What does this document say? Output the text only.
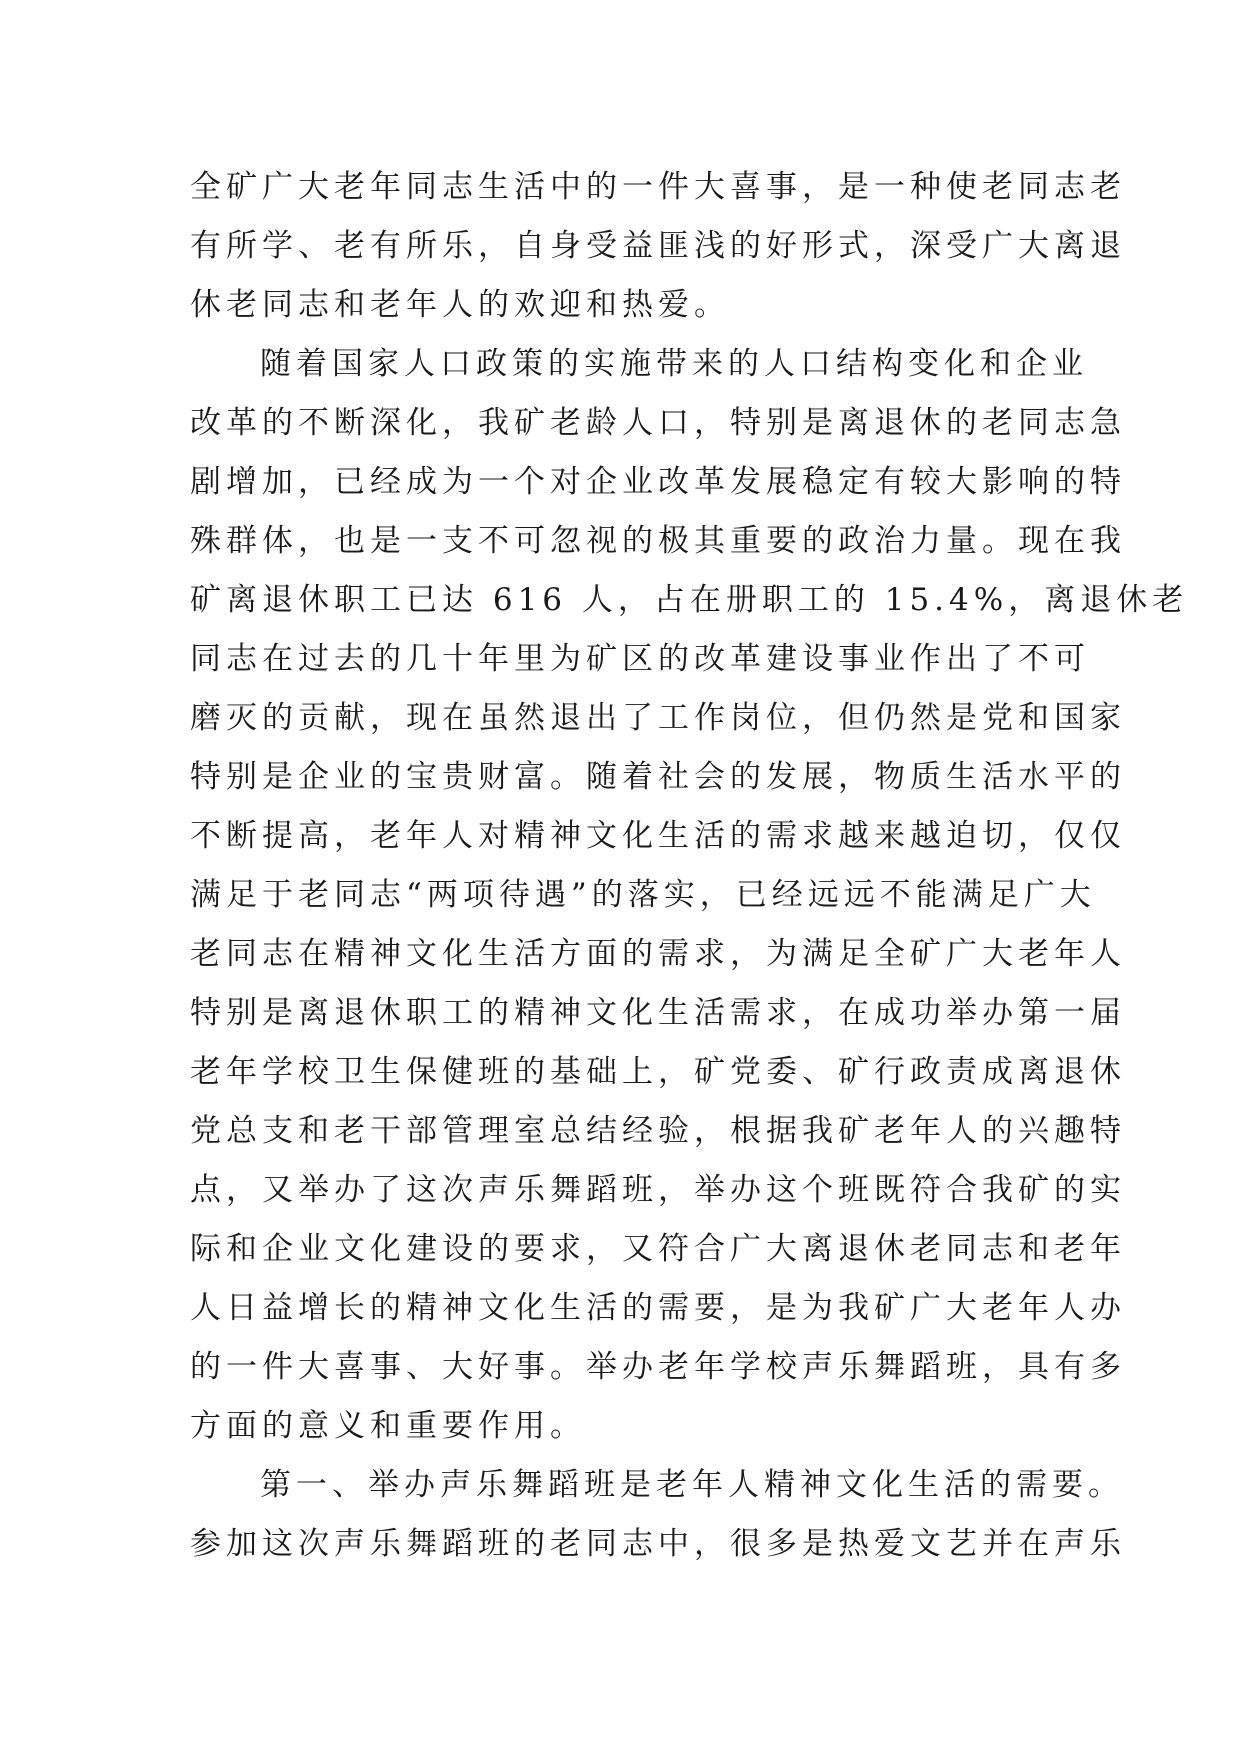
全矿广大老年同志生活中的一件大喜事，是一种使老同志老
有所学、老有所乐，自身受益匪浅的好形式，深受广大离退
休老同志和老年人的欢迎和热爱。
随着国家人口政策的实施带来的人口结构变化和企业
改革的不断深化，我矿老龄人口，特别是离退休的老同志急
剧增加，已经成为一个对企业改革发展稳定有较大影响的特
殊群体，也是一支不可忽视的极其重要的政治力量。现在我
矿离退休职工已达 616 人，占在册职工的 15.4%，离退休老
同志在过去的几十年里为矿区的改革建设事业作出了不可
磨灭的贡献，现在虽然退出了工作岗位，但仍然是党和国家
特别是企业的宝贵财富。随着社会的发展，物质生活水平的
不断提高，老年人对精神文化生活的需求越来越迫切，仅仅
满足于老同志“两项待遇”的落实，已经远远不能满足广大
老同志在精神文化生活方面的需求，为满足全矿广大老年人
特别是离退休职工的精神文化生活需求，在成功举办第一届
老年学校卫生保健班的基础上，矿党委、矿行政责成离退休
党总支和老干部管理室总结经验，根据我矿老年人的兴趣特
点，又举办了这次声乐舞蹈班，举办这个班既符合我矿的实
际和企业文化建设的要求，又符合广大离退休老同志和老年
人日益增长的精神文化生活的需要，是为我矿广大老年人办
的一件大喜事、大好事。举办老年学校声乐舞蹈班，具有多
方面的意义和重要作用。
第一、举办声乐舞蹈班是老年人精神文化生活的需要。
参加这次声乐舞蹈班的老同志中，很多是热爱文艺并在声乐
